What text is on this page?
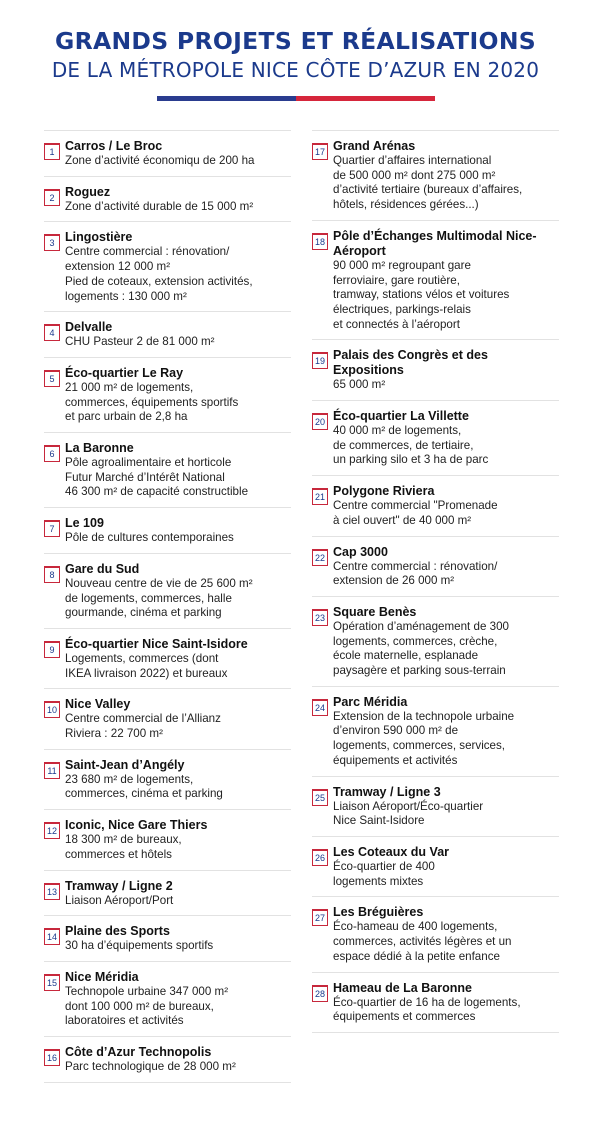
GRANDS PROJETS ET RÉALISATIONS
DE LA MÉTROPOLE NICE CÔTE D’AZUR EN 2020
1 Carros / Le Broc
Zone d’activité économiqu de 200 ha
2 Roguez
Zone d’activité durable de 15 000 m²
3 Lingostière
Centre commercial : rénovation/
extension 12 000 m²
Pied de coteaux, extension activités,
logements : 130 000 m²
4 Delvalle
CHU Pasteur 2 de 81 000 m²
5 Éco-quartier Le Ray
21 000 m² de logements,
commerces, équipements sportifs
et parc urbain de 2,8 ha
6 La Baronne
Pôle agroalimentaire et horticole
Futur Marché d’Intérêt National
46 300 m² de capacité constructible
7 Le 109
Pôle de cultures contemporaines
8 Gare du Sud
Nouveau centre de vie de 25 600 m²
de logements, commerces, halle
gourmande, cinéma et parking
9 Éco-quartier Nice Saint-Isidore
Logements, commerces (dont
IKEA livraison 2022) et bureaux
10 Nice Valley
Centre commercial de l’Allianz
Riviera : 22 700 m²
11 Saint-Jean d’Angély
23 680 m² de logements,
commerces, cinéma et parking
12 Iconic, Nice Gare Thiers
18 300 m² de bureaux,
commerces et hôtels
13 Tramway / Ligne 2
Liaison Aéroport/Port
14 Plaine des Sports
30 ha d’équipements sportifs
15 Nice Méridia
Technopole urbaine 347 000 m²
dont 100 000 m² de bureaux,
laboratoires et activités
16 Côte d’Azur Technopolis
Parc technologique de 28 000 m²
17 Grand Arénas
Quartier d’affaires international
de 500 000 m² dont 275 000 m²
d’activité tertiaire (bureaux d’affaires,
hôtels, résidences gérées...)
18 Pôle d’Échanges Multimodal Nice-Aéroport
90 000 m² regroupant gare
ferroviaire, gare routière,
tramway, stations vélos et voitures
électriques, parkings-relais
et connectés à l’aéroport
19 Palais des Congrès et des Expositions
65 000 m²
20 Éco-quartier La Villette
40 000 m² de logements,
de commerces, de tertiaire,
un parking silo et 3 ha de parc
21 Polygone Riviera
Centre commercial "Promenade
à ciel ouvert" de 40 000 m²
22 Cap 3000
Centre commercial : rénovation/
extension de 26 000 m²
23 Square Benès
Opération d’aménagement de 300
logements, commerces, crèche,
école maternelle, esplanade
paysagère et parking sous-terrain
24 Parc Méridia
Extension de la technopole urbaine
d’environ 590 000 m² de
logements, commerces, services,
équipements et activités
25 Tramway / Ligne 3
Liaison Aéroport/Éco-quartier
Nice Saint-Isidore
26 Les Coteaux du Var
Éco-quartier de 400
logements mixtes
27 Les Bréguières
Éco-hameau de 400 logements,
commerces, activités légères et un
espace dédié à la petite enfance
28 Hameau de La Baronne
Éco-quartier de 16 ha de logements,
équipements et commerces
